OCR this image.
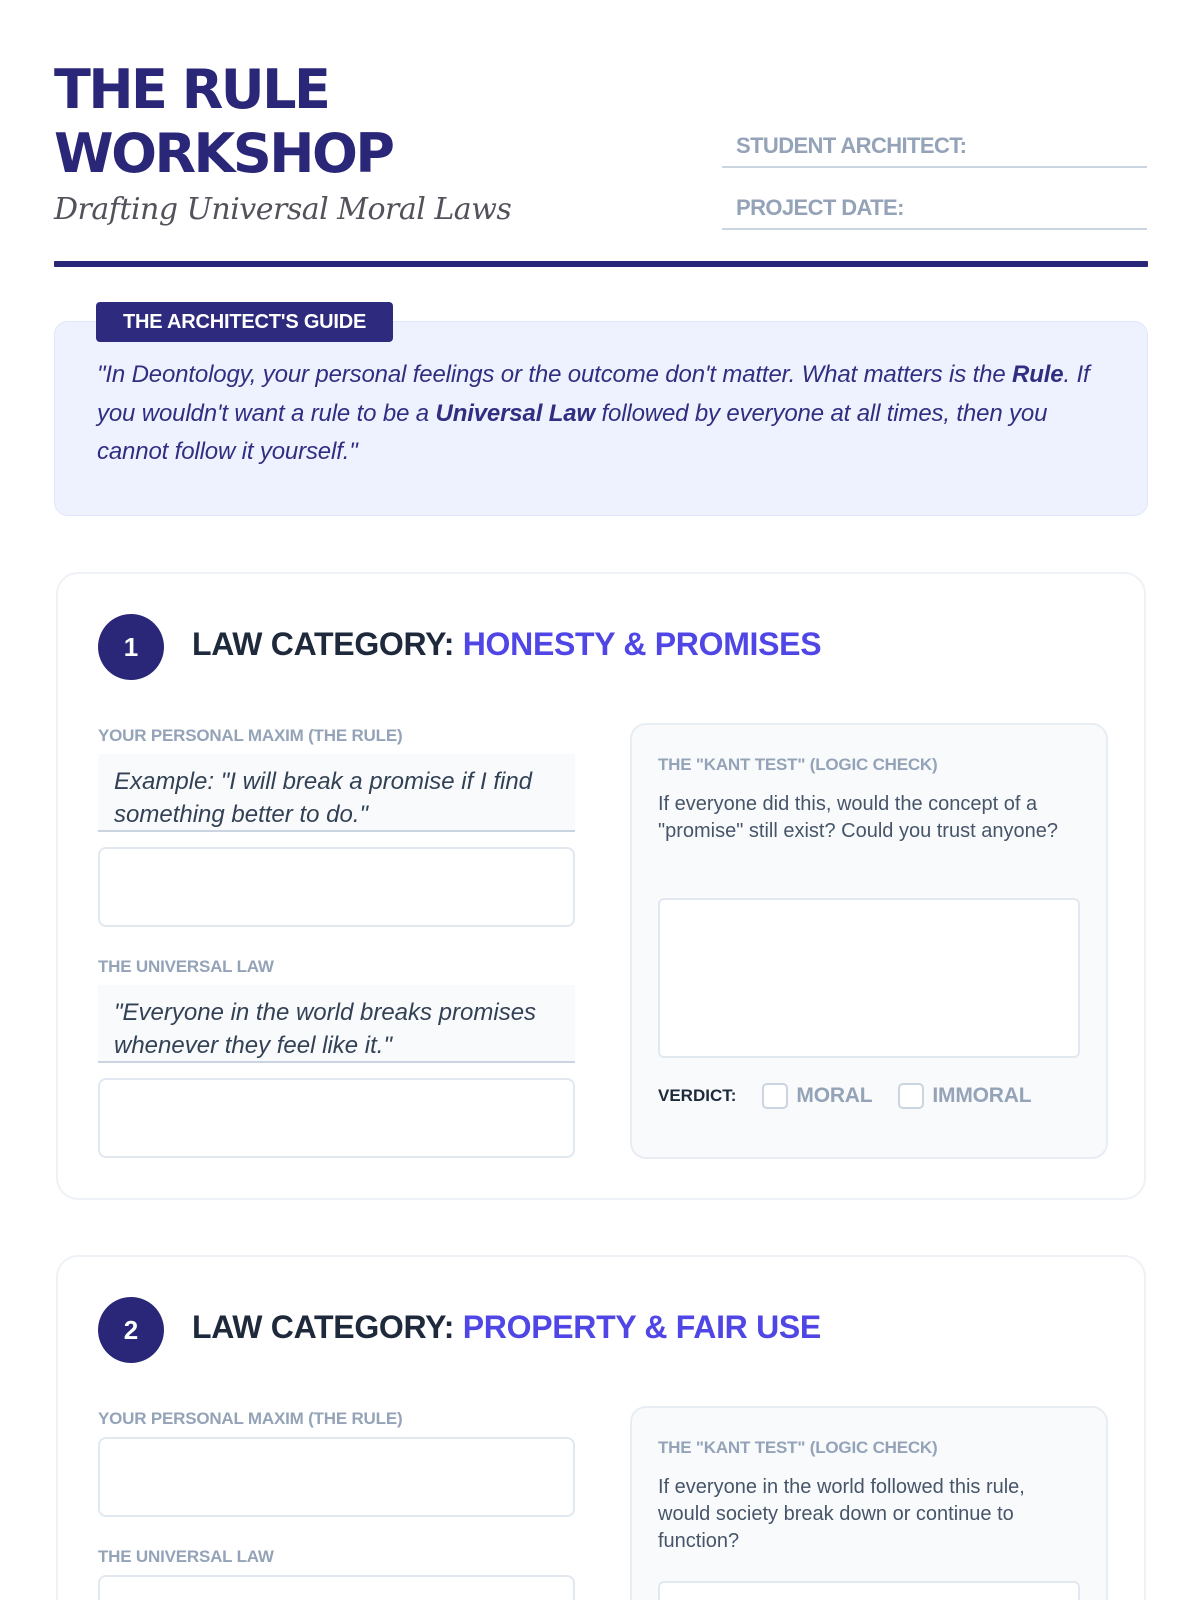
THE RULE
WORKSHOP
Drafting Universal Moral Laws
STUDENT ARCHITECT:
PROJECT DATE:
"In Deontology, your personal feelings or the outcome don't matter. What matters is the Rule. If you wouldn't want a rule to be a Universal Law followed by everyone at all times, then you cannot follow it yourself."
THE ARCHITECT'S GUIDE
1	LAW CATEGORY: HONESTY & PROMISES
YOUR PERSONAL MAXIM (THE RULE)
Example: "I will break a promise if I find something better to do."
THE UNIVERSAL LAW
"Everyone in the world breaks promises whenever they feel like it."
THE "KANT TEST" (LOGIC CHECK)
If everyone did this, would the concept of a "promise" still exist? Could you trust anyone?
VERDICT:	MORAL	IMMORAL
2	LAW CATEGORY: PROPERTY & FAIR USE
YOUR PERSONAL MAXIM (THE RULE)
THE UNIVERSAL LAW
THE "KANT TEST" (LOGIC CHECK)
If everyone in the world followed this rule, would society break down or continue to function?
